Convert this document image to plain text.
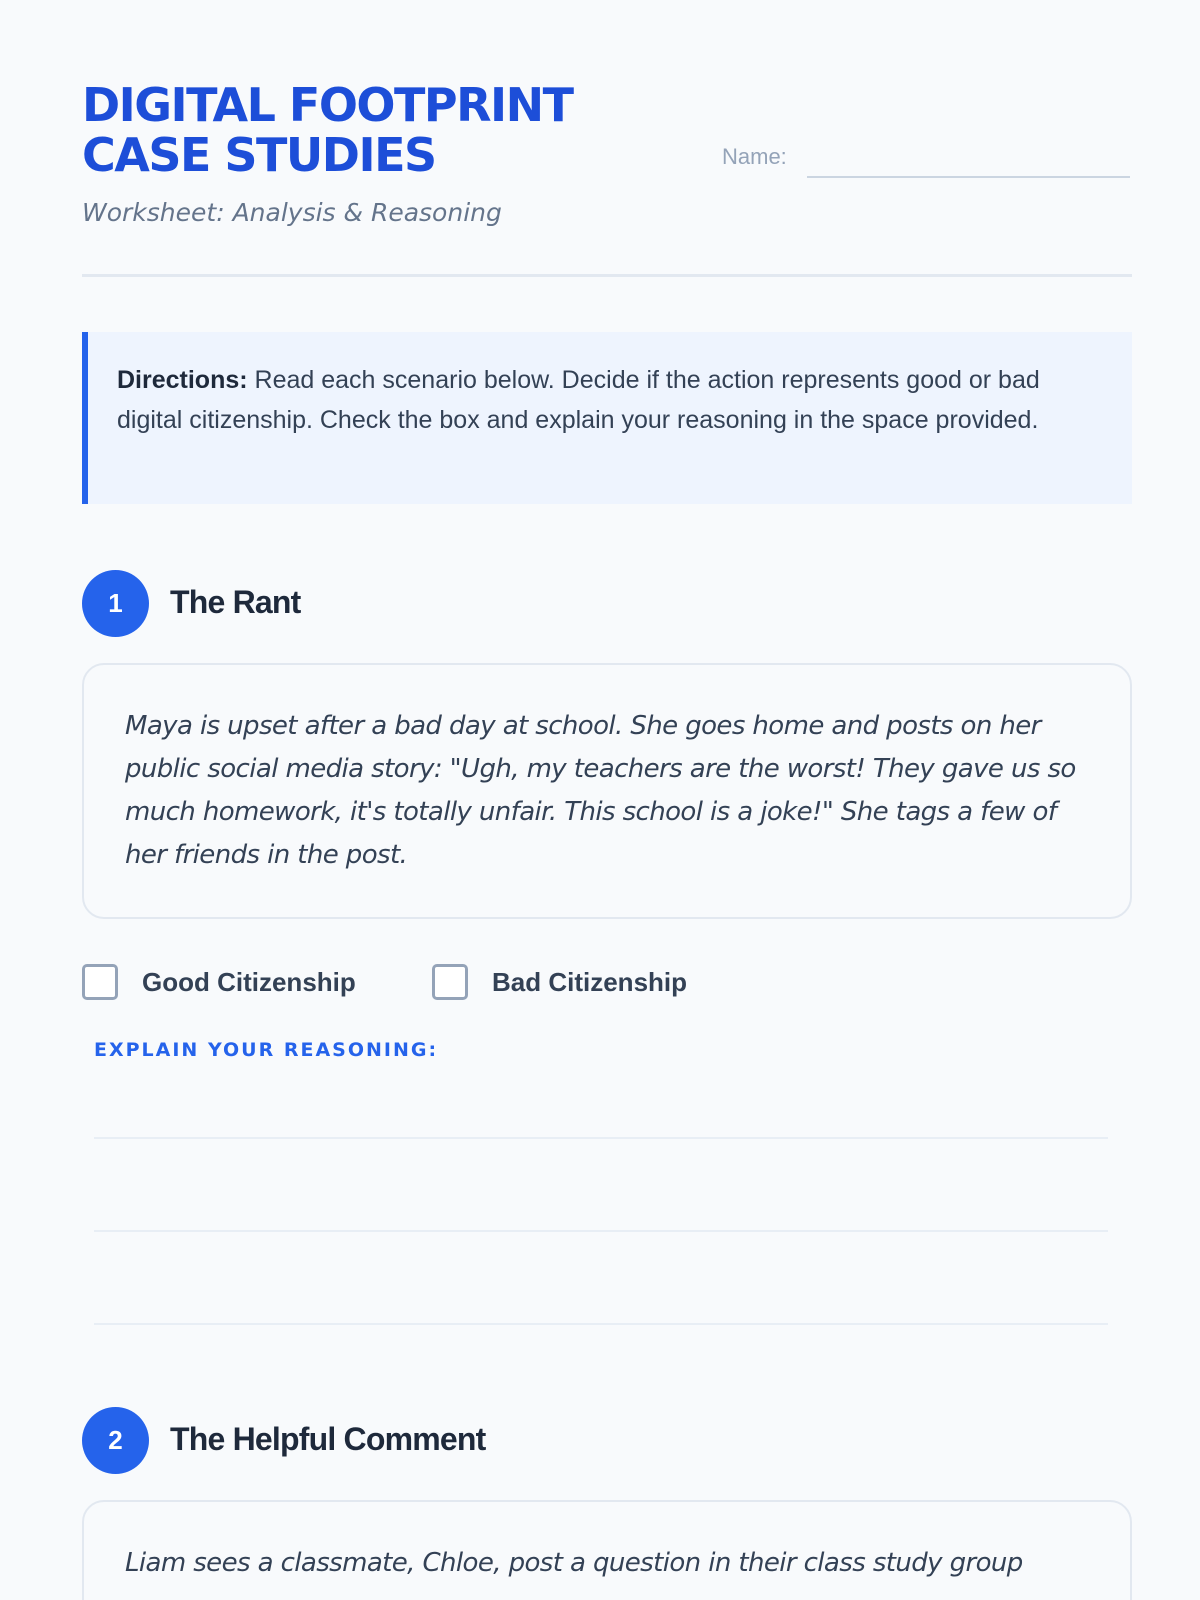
DIGITAL FOOTPRINT
CASE STUDIES
Worksheet: Analysis & Reasoning
Name:
Directions: Read each scenario below. Decide if the action represents good or bad digital citizenship. Check the box and explain your reasoning in the space provided.
1	The Rant
Maya is upset after a bad day at school. She goes home and posts on her public social media story: "Ugh, my teachers are the worst! They gave us so much homework, it's totally unfair. This school is a joke!" She tags a few of her friends in the post.
Good Citizenship	Bad Citizenship
EXPLAIN YOUR REASONING:
2	The Helpful Comment
Liam sees a classmate, Chloe, post a question in their class study group
